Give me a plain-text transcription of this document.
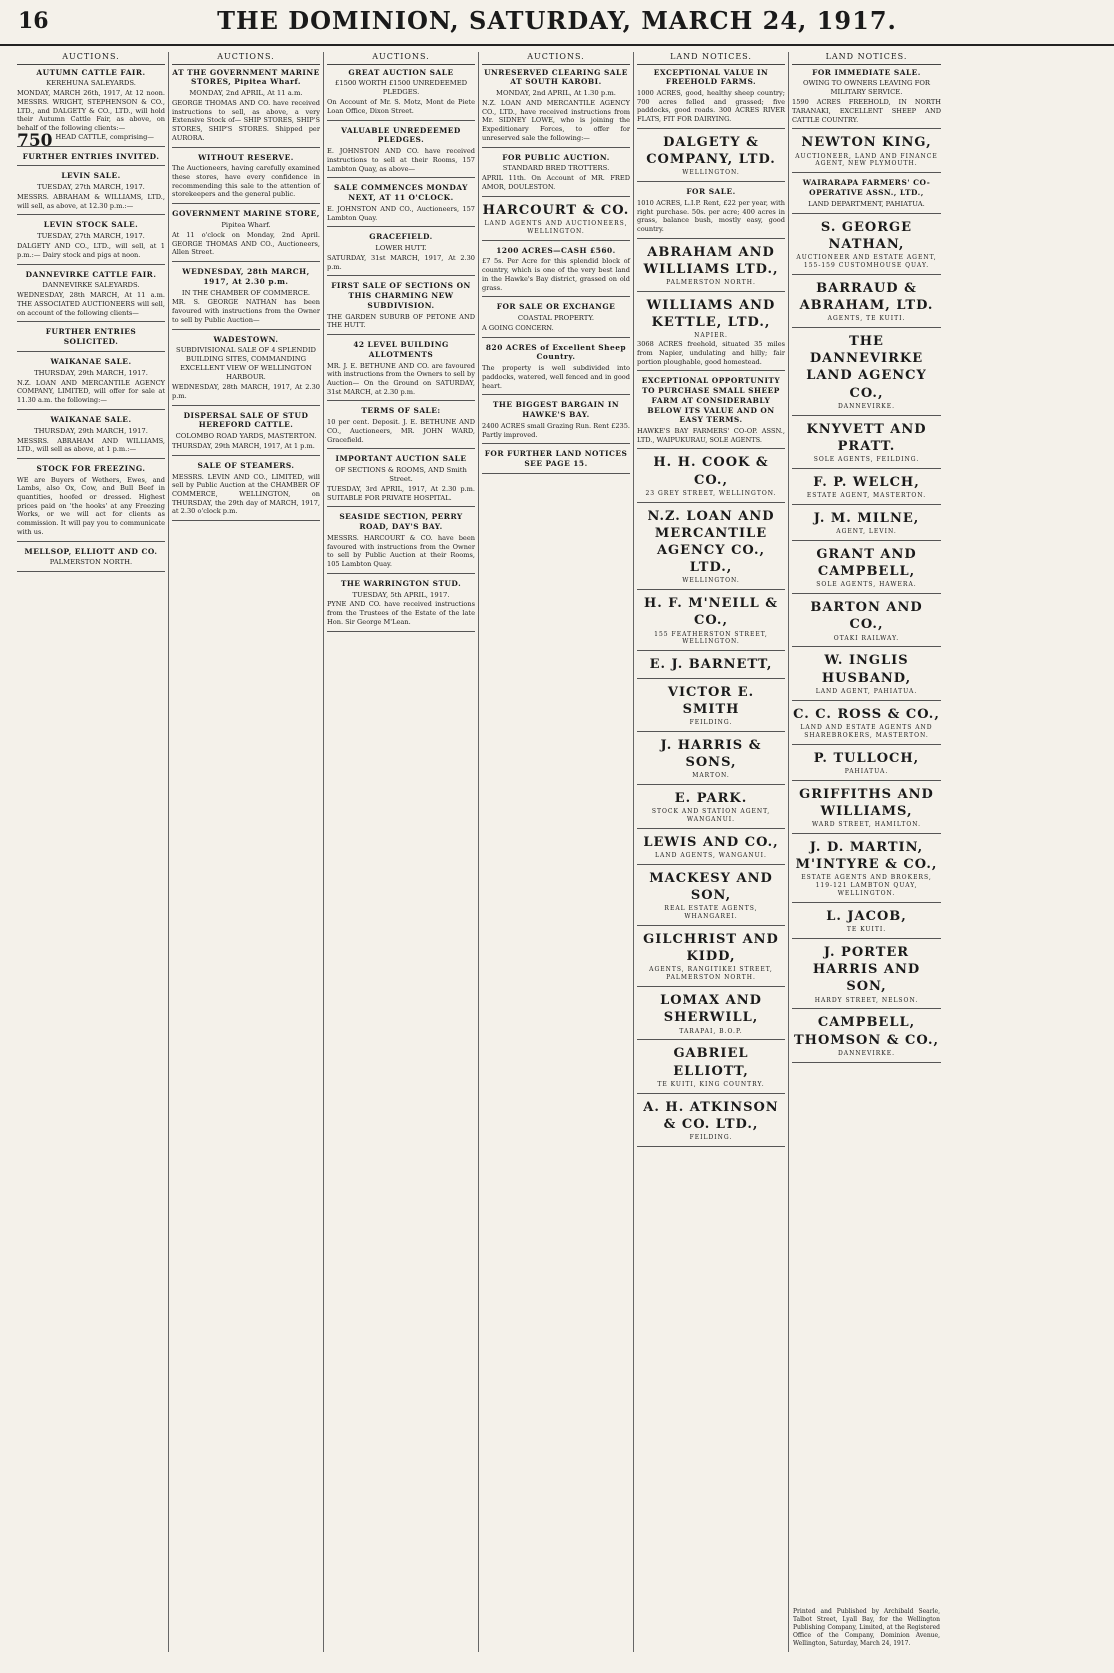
16	THE DOMINION, SATURDAY, MARCH 24, 1917.
AUCTIONS.
AUTUMN CATTLE FAIR.
KEREHUNA SALEYARDS.
MONDAY, MARCH 26th, 1917, At 12 noon. MESSRS. WRIGHT, STEPHENSON & CO., LTD., and DALGETY & CO., LTD., will hold their Autumn Cattle Fair, as above, on behalf of the following clients:—
750 HEAD CATTLE, comprising—
FURTHER ENTRIES INVITED.
LEVIN SALE.
TUESDAY, 27th MARCH, 1917.
MESSRS. ABRAHAM & WILLIAMS, LTD., will sell, as above, at 12.30 p.m.:—
LEVIN STOCK SALE.
TUESDAY, 27th MARCH, 1917.
DALGETY AND CO., LTD., will sell, at 1 p.m.:— Dairy stock and pigs at noon.
DANNEVIRKE CATTLE FAIR.
DANNEVIRKE SALEYARDS.
WEDNESDAY, 28th MARCH, At 11 a.m. THE ASSOCIATED AUCTIONEERS will sell, on account of the following clients—
FURTHER ENTRIES SOLICITED.
WAIKANAE SALE.
THURSDAY, 29th MARCH, 1917.
N.Z. LOAN AND MERCANTILE AGENCY COMPANY, LIMITED, will offer for sale at 11.30 a.m. the following:—
WAIKANAE SALE.
THURSDAY, 29th MARCH, 1917.
MESSRS. ABRAHAM AND WILLIAMS, LTD., will sell as above, at 1 p.m.:—
STOCK FOR FREEZING.
WE are Buyers of Wethers, Ewes, and Lambs, also Ox, Cow, and Bull Beef in quantities, hoofed or dressed. Highest prices paid on 'the hooks' at any Freezing Works, or we will act for clients as commission. It will pay you to communicate with us.
MELLSOP, ELLIOTT AND CO.
PALMERSTON NORTH.
AUCTIONS.
AT THE GOVERNMENT MARINE STORES, Pipitea Wharf.
MONDAY, 2nd APRIL, At 11 a.m.
GEORGE THOMAS AND CO. have received instructions to sell, as above, a very Extensive Stock of— SHIP STORES, SHIP'S STORES, SHIP'S STORES. Shipped per AURORA.
WITHOUT RESERVE.
The Auctioneers, having carefully examined these stores, have every confidence in recommending this sale to the attention of storekeepers and the general public.
GOVERNMENT MARINE STORE,
Pipitea Wharf.
At 11 o'clock on Monday, 2nd April. GEORGE THOMAS AND CO., Auctioneers, Allen Street.
WEDNESDAY, 28th MARCH, 1917, At 2.30 p.m.
IN THE CHAMBER OF COMMERCE.
MR. S. GEORGE NATHAN has been favoured with instructions from the Owner to sell by Public Auction—
WADESTOWN.
SUBDIVISIONAL SALE OF 4 SPLENDID BUILDING SITES, COMMANDING EXCELLENT VIEW OF WELLINGTON HARBOUR.
WEDNESDAY, 28th MARCH, 1917, At 2.30 p.m.
DISPERSAL SALE OF STUD HEREFORD CATTLE.
COLOMBO ROAD YARDS, MASTERTON.
THURSDAY, 29th MARCH, 1917, At 1 p.m.
SALE OF STEAMERS.
MESSRS. LEVIN AND CO., LIMITED, will sell by Public Auction at the CHAMBER OF COMMERCE, WELLINGTON, on THURSDAY, the 29th day of MARCH, 1917, at 2.30 o'clock p.m.
AUCTIONS.
GREAT AUCTION SALE
£1500 WORTH £1500 UNREDEEMED PLEDGES.
On Account of Mr. S. Motz, Mont de Piete Loan Office, Dixon Street.
VALUABLE UNREDEEMED PLEDGES.
E. JOHNSTON AND CO. have received instructions to sell at their Rooms, 157 Lambton Quay, as above—
SALE COMMENCES MONDAY NEXT, AT 11 O'CLOCK.
E. JOHNSTON AND CO., Auctioneers, 157 Lambton Quay.
GRACEFIELD.
LOWER HUTT.
SATURDAY, 31st MARCH, 1917, At 2.30 p.m.
FIRST SALE OF SECTIONS ON THIS CHARMING NEW SUBDIVISION.
THE GARDEN SUBURB OF PETONE AND THE HUTT.
42 LEVEL BUILDING ALLOTMENTS
MR. J. E. BETHUNE AND CO. are favoured with instructions from the Owners to sell by Auction— On the Ground on SATURDAY, 31st MARCH, at 2.30 p.m.
TERMS OF SALE:
10 per cent. Deposit. J. E. BETHUNE AND CO., Auctioneers, MR. JOHN WARD, Gracefield.
IMPORTANT AUCTION SALE
OF SECTIONS & ROOMS, AND Smith Street.
TUESDAY, 3rd APRIL, 1917, At 2.30 p.m. SUITABLE FOR PRIVATE HOSPITAL.
SEASIDE SECTION, PERRY ROAD, DAY'S BAY.
MESSRS. HARCOURT & CO. have been favoured with instructions from the Owner to sell by Public Auction at their Rooms, 105 Lambton Quay.
THE WARRINGTON STUD.
TUESDAY, 5th APRIL, 1917.
PYNE AND CO. have received instructions from the Trustees of the Estate of the late Hon. Sir George M'Lean.
AUCTIONS.
UNRESERVED CLEARING SALE AT SOUTH KAROBI.
MONDAY, 2nd APRIL, At 1.30 p.m.
N.Z. LOAN AND MERCANTILE AGENCY CO., LTD., have received instructions from Mr. SIDNEY LOWE, who is joining the Expeditionary Forces, to offer for unreserved sale the following:—
FOR PUBLIC AUCTION.
STANDARD BRED TROTTERS.
APRIL 11th. On Account of MR. FRED AMOR, DOULESTON.
HARCOURT & CO.
LAND AGENTS AND AUCTIONEERS, WELLINGTON.
1200 ACRES—CASH £560.
£7 5s. Per Acre for this splendid block of country, which is one of the very best land in the Hawke's Bay district, grassed on old grass.
FOR SALE OR EXCHANGE
COASTAL PROPERTY.
A GOING CONCERN.
820 ACRES of Excellent Sheep Country.
The property is well subdivided into paddocks, watered, well fenced and in good heart.
THE BIGGEST BARGAIN IN HAWKE'S BAY.
2400 ACRES small Grazing Run. Rent £235. Partly improved.
FOR FURTHER LAND NOTICES SEE PAGE 15.
LAND NOTICES.
EXCEPTIONAL VALUE IN FREEHOLD FARMS.
1000 ACRES, good, healthy sheep country; 700 acres felled and grassed; five paddocks, good roads. 300 ACRES RIVER FLATS, FIT FOR DAIRYING.
DALGETY & COMPANY, LTD.
WELLINGTON.
FOR SALE.
1010 ACRES, L.I.P. Rent, £22 per year, with right purchase. 50s. per acre; 400 acres in grass, balance bush, mostly easy, good country.
ABRAHAM AND WILLIAMS LTD.,
PALMERSTON NORTH.
WILLIAMS AND KETTLE, LTD.,
NAPIER.
3068 ACRES freehold, situated 35 miles from Napier, undulating and hilly; fair portion ploughable, good homestead.
EXCEPTIONAL OPPORTUNITY TO PURCHASE SMALL SHEEP FARM AT CONSIDERABLY BELOW ITS VALUE AND ON EASY TERMS.
HAWKE'S BAY FARMERS' CO-OP. ASSN., LTD., WAIPUKURAU, SOLE AGENTS.
H. H. COOK & CO.,
23 GREY STREET, WELLINGTON.
N.Z. LOAN AND MERCANTILE AGENCY CO., LTD.,
WELLINGTON.
H. F. M'NEILL & CO.,
155 FEATHERSTON STREET, WELLINGTON.
E. J. BARNETT,
VICTOR E. SMITH
FEILDING.
J. HARRIS & SONS,
MARTON.
E. PARK.
STOCK AND STATION AGENT, WANGANUI.
LEWIS AND CO.,
LAND AGENTS, WANGANUI.
MACKESY AND SON,
REAL ESTATE AGENTS, WHANGAREI.
GILCHRIST AND KIDD,
AGENTS, RANGITIKEI STREET, PALMERSTON NORTH.
LOMAX AND SHERWILL,
TARAPAI, B.O.P.
GABRIEL ELLIOTT,
TE KUITI, KING COUNTRY.
A. H. ATKINSON & CO. LTD.,
FEILDING.
LAND NOTICES.
FOR IMMEDIATE SALE.
OWING TO OWNERS LEAVING FOR MILITARY SERVICE.
1590 ACRES FREEHOLD, IN NORTH TARANAKI, EXCELLENT SHEEP AND CATTLE COUNTRY.
NEWTON KING,
AUCTIONEER, LAND AND FINANCE AGENT, NEW PLYMOUTH.
WAIRARAPA FARMERS' CO-OPERATIVE ASSN., LTD.,
LAND DEPARTMENT, PAHIATUA.
S. GEORGE NATHAN,
AUCTIONEER AND ESTATE AGENT, 155-159 CUSTOMHOUSE QUAY.
BARRAUD & ABRAHAM, LTD.
AGENTS, TE KUITI.
THE DANNEVIRKE LAND AGENCY CO.,
DANNEVIRKE.
KNYVETT AND PRATT.
SOLE AGENTS, FEILDING.
F. P. WELCH,
ESTATE AGENT, MASTERTON.
J. M. MILNE,
AGENT, LEVIN.
GRANT AND CAMPBELL,
SOLE AGENTS, HAWERA.
BARTON AND CO.,
OTAKI RAILWAY.
W. INGLIS HUSBAND,
LAND AGENT, PAHIATUA.
C. C. ROSS & CO.,
LAND AND ESTATE AGENTS AND SHAREBROKERS, MASTERTON.
P. TULLOCH,
PAHIATUA.
GRIFFITHS AND WILLIAMS,
WARD STREET, HAMILTON.
J. D. MARTIN, M'INTYRE & CO.,
ESTATE AGENTS AND BROKERS, 119-121 LAMBTON QUAY, WELLINGTON.
L. JACOB,
TE KUITI.
J. PORTER HARRIS AND SON,
HARDY STREET, NELSON.
CAMPBELL, THOMSON & CO.,
DANNEVIRKE.
Printed and Published by Archibald Searle, Talbot Street, Lyall Bay, for the Wellington Publishing Company, Limited, at the Registered Office of the Company, Dominion Avenue, Wellington, Saturday, March 24, 1917.
